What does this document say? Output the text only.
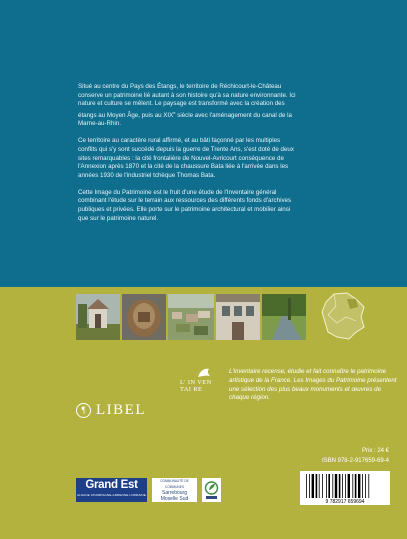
Situé au centre du Pays des Étangs, le territoire de Réchicourt-le-Château conserve un patrimoine lié autant à son histoire qu'à sa nature environnante. Ici nature et culture se mêlent. Le paysage est transformé avec la création des étangs au Moyen Âge, puis au XIXe siècle avec l'aménagement du canal de la Marne-au-Rhin.

Ce territoire au caractère rural affirmé, et au bâti façonné par les multiples conflits qui s'y sont succédé depuis la guerre de Trente Ans, s'est doté de deux sites remarquables : la cité frontalière de Nouvel-Avricourt conséquence de l'Annexion après 1870 et la cité de la chaussure Bata liée à l'arrivée dans les années 1930 de l'industriel tchèque Thomas Bata.

Cette Image du Patrimoine est le fruit d'une étude de l'Inventaire général combinant l'étude sur le terrain aux ressources des différents fonds d'archives publiques et privées. Elle porte sur le patrimoine architectural et mobilier ainsi que sur le patrimoine naturel.

¶ LIBEL
L' IN VEN
TAI RE
L'inventaire recense, étudie et fait connaître le patrimoine artistique de la France. Les Images du Patrimoine présentent une sélection des plus beaux monuments et œuvres de chaque région.
Prix : 24 €
ISBN 978-2-917659-69-4
9 782917 659694
Grand Est
ALSACE CHAMPAGNE-ARDENNE LORRAINE
COMMUNAUTÉ DE COMMUNES
Sarrebourg
Moselle Sud
